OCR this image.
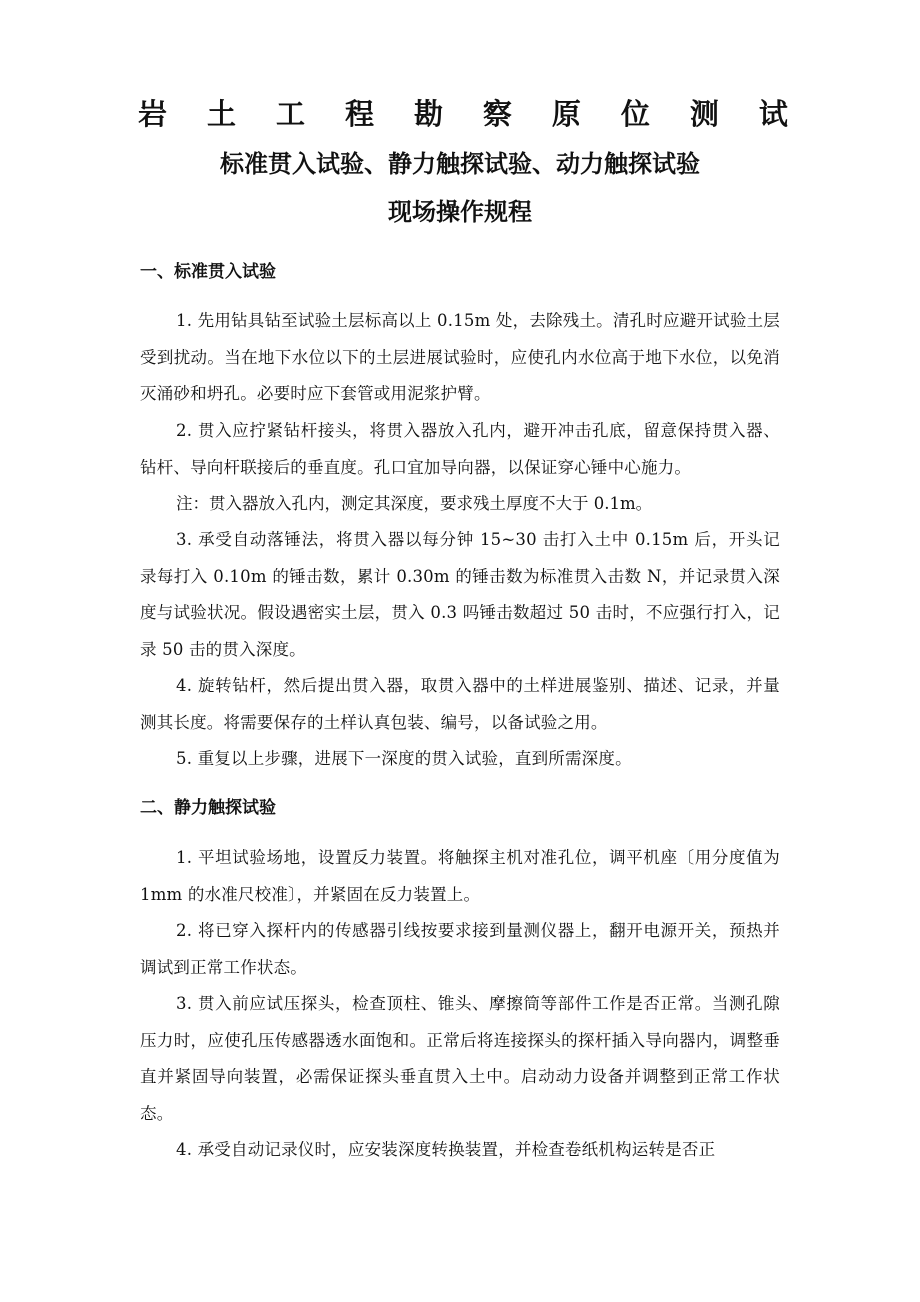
岩 土 工 程 勘 察 原 位 测 试
标准贯入试验、静力触探试验、动力触探试验
现场操作规程
一、标准贯入试验
1. 先用钻具钻至试验土层标高以上 0.15m 处，去除残土。清孔时应避开试验土层受到扰动。当在地下水位以下的土层进展试验时，应使孔内水位高于地下水位，以免消灭涌砂和坍孔。必要时应下套管或用泥浆护臂。
2. 贯入应拧紧钻杆接头，将贯入器放入孔内，避开冲击孔底，留意保持贯入器、钻杆、导向杆联接后的垂直度。孔口宜加导向器，以保证穿心锤中心施力。
注：贯入器放入孔内，测定其深度，要求残土厚度不大于 0.1m。
3. 承受自动落锤法，将贯入器以每分钟 15~30 击打入土中 0.15m 后，开头记录每打入 0.10m 的锤击数，累计 0.30m 的锤击数为标准贯入击数 N，并记录贯入深度与试验状况。假设遇密实土层，贯入 0.3 吗锤击数超过 50 击时，不应强行打入，记录 50 击的贯入深度。
4. 旋转钻杆，然后提出贯入器，取贯入器中的土样进展鉴别、描述、记录，并量测其长度。将需要保存的土样认真包装、编号，以备试验之用。
5. 重复以上步骤，进展下一深度的贯入试验，直到所需深度。
二、静力触探试验
1. 平坦试验场地，设置反力装置。将触探主机对准孔位，调平机座〔用分度值为 1mm 的水准尺校准〕，并紧固在反力装置上。
2. 将已穿入探杆内的传感器引线按要求接到量测仪器上，翻开电源开关，预热并调试到正常工作状态。
3. 贯入前应试压探头，检查顶柱、锥头、摩擦筒等部件工作是否正常。当测孔隙压力时，应使孔压传感器透水面饱和。正常后将连接探头的探杆插入导向器内，调整垂直并紧固导向装置，必需保证探头垂直贯入土中。启动动力设备并调整到正常工作状态。
4. 承受自动记录仪时，应安装深度转换装置，并检查卷纸机构运转是否正
